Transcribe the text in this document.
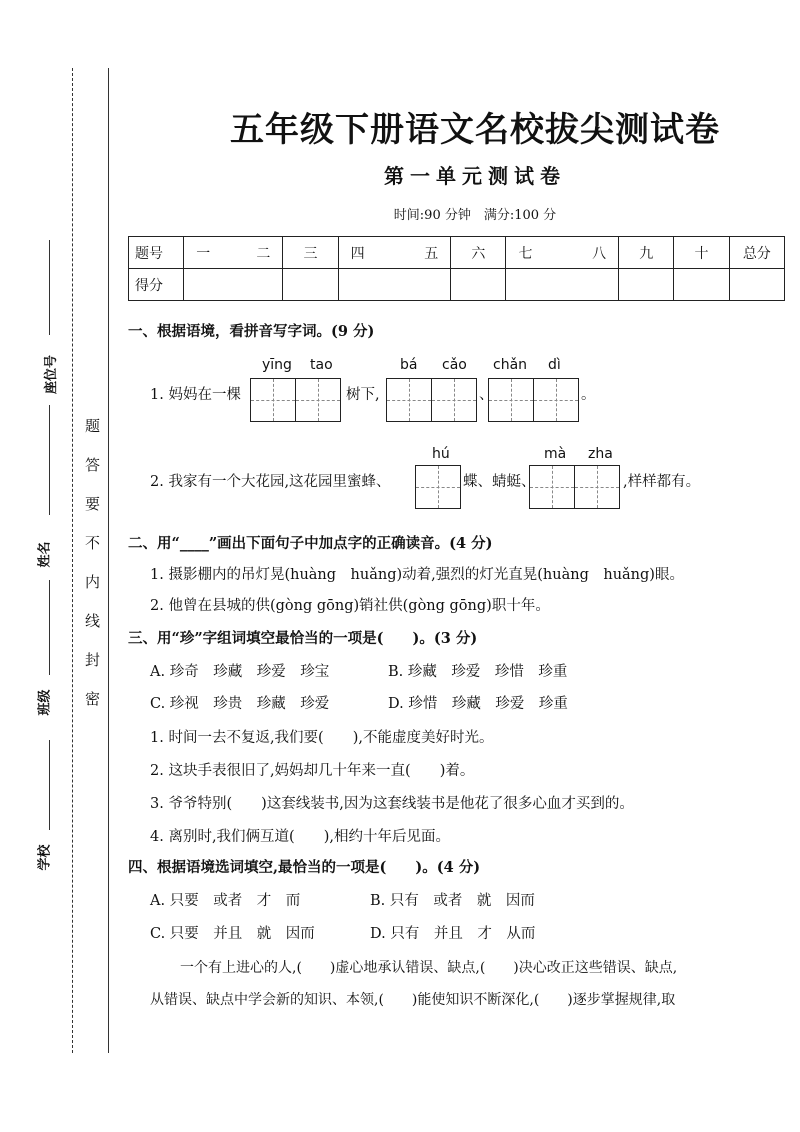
座位号
姓名
班级
学校
题
答
要
不
内
线
封
密
五年级下册语文名校拔尖测试卷
第一单元测试卷
时间:90 分钟　满分:100 分
题号	一 二	三	四 五	六	七 八	九	十	总分
得分								
一、根据语境，看拼音写字词。(9 分)
yīng tao	bá cǎo chǎn dì
1. 妈妈在一棵	树下,	、	。
hú	mà zha
2. 我家有一个大花园,这花园里蜜蜂、	蝶、蜻蜓、	,样样都有。
二、用“____”画出下面句子中加点字的正确读音。(4 分)
1. 摄影棚内的吊灯晃(huàng　huǎng)动着,强烈的灯光直晃(huàng　huǎng)眼。
2. 他曾在县城的供(gòng gōng)销社供(gòng gōng)职十年。
三、用“珍”字组词填空最恰当的一项是(　　)。(3 分)
A. 珍奇　珍藏　珍爱　珍宝	B. 珍藏　珍爱　珍惜　珍重
C. 珍视　珍贵　珍藏　珍爱	D. 珍惜　珍藏　珍爱　珍重
1. 时间一去不复返,我们要(　　),不能虚度美好时光。
2. 这块手表很旧了,妈妈却几十年来一直(　　)着。
3. 爷爷特别(　　)这套线装书,因为这套线装书是他花了很多心血才买到的。
4. 离别时,我们俩互道(　　),相约十年后见面。
四、根据语境选词填空,最恰当的一项是(　　)。(4 分)
A. 只要　或者　才　而	B. 只有　或者　就　因而
C. 只要　并且　就　因而	D. 只有　并且　才　从而
一个有上进心的人,(　　)虚心地承认错误、缺点,(　　)决心改正这些错误、缺点,
从错误、缺点中学会新的知识、本领,(　　)能使知识不断深化,(　　)逐步掌握规律,取
